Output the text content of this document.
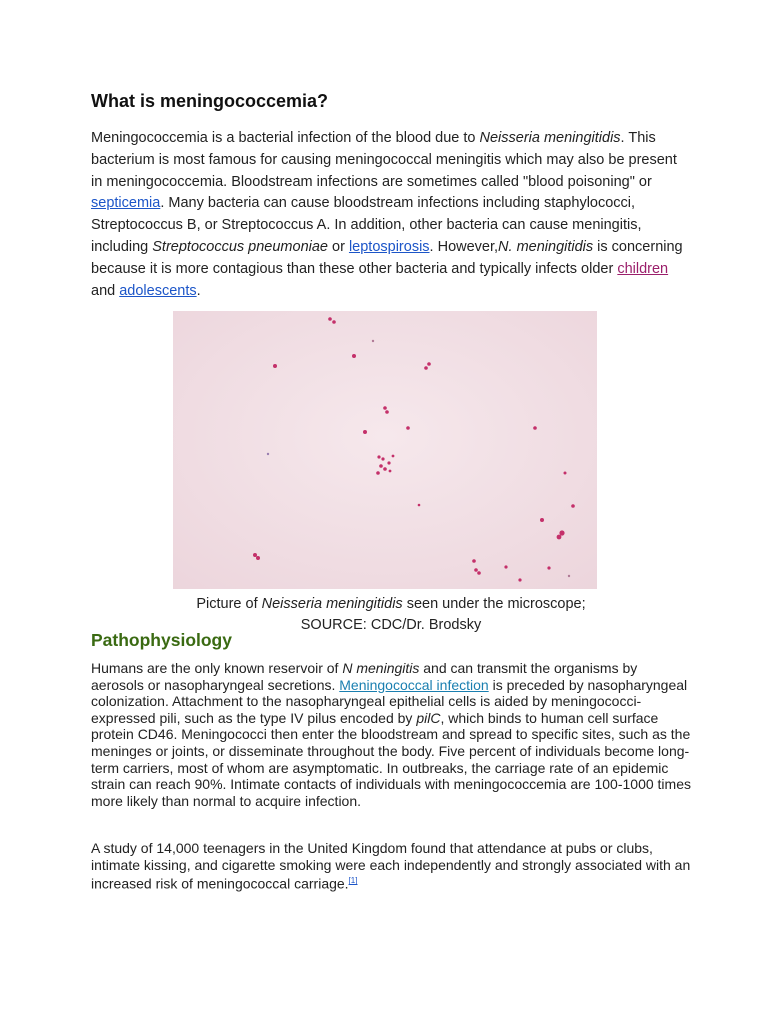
What is meningococcemia?

Meningococcemia is a bacterial infection of the blood due to Neisseria meningitidis. This bacterium is most famous for causing meningococcal meningitis which may also be present in meningococcemia. Bloodstream infections are sometimes called "blood poisoning" or septicemia. Many bacteria can cause bloodstream infections including staphylococci, Streptococcus B, or Streptococcus A. In addition, other bacteria can cause meningitis, including Streptococcus pneumoniae or leptospirosis. However,N. meningitidis is concerning because it is more contagious than these other bacteria and typically infects older children and adolescents.

Picture of Neisseria meningitidis seen under the microscope;

SOURCE: CDC/Dr. Brodsky

Pathophysiology

Humans are the only known reservoir of N meningitis and can transmit the organisms by aerosols or nasopharyngeal secretions. Meningococcal infection is preceded by nasopharyngeal colonization. Attachment to the nasopharyngeal epithelial cells is aided by meningococci-expressed pili, such as the type IV pilus encoded by pilC, which binds to human cell surface protein CD46. Meningococci then enter the bloodstream and spread to specific sites, such as the meninges or joints, or disseminate throughout the body. Five percent of individuals become long-term carriers, most of whom are asymptomatic. In outbreaks, the carriage rate of an epidemic strain can reach 90%. Intimate contacts of individuals with meningococcemia are 100-1000 times more likely than normal to acquire infection.

A study of 14,000 teenagers in the United Kingdom found that attendance at pubs or clubs, intimate kissing, and cigarette smoking were each independently and strongly associated with an increased risk of meningococcal carriage.[1]
